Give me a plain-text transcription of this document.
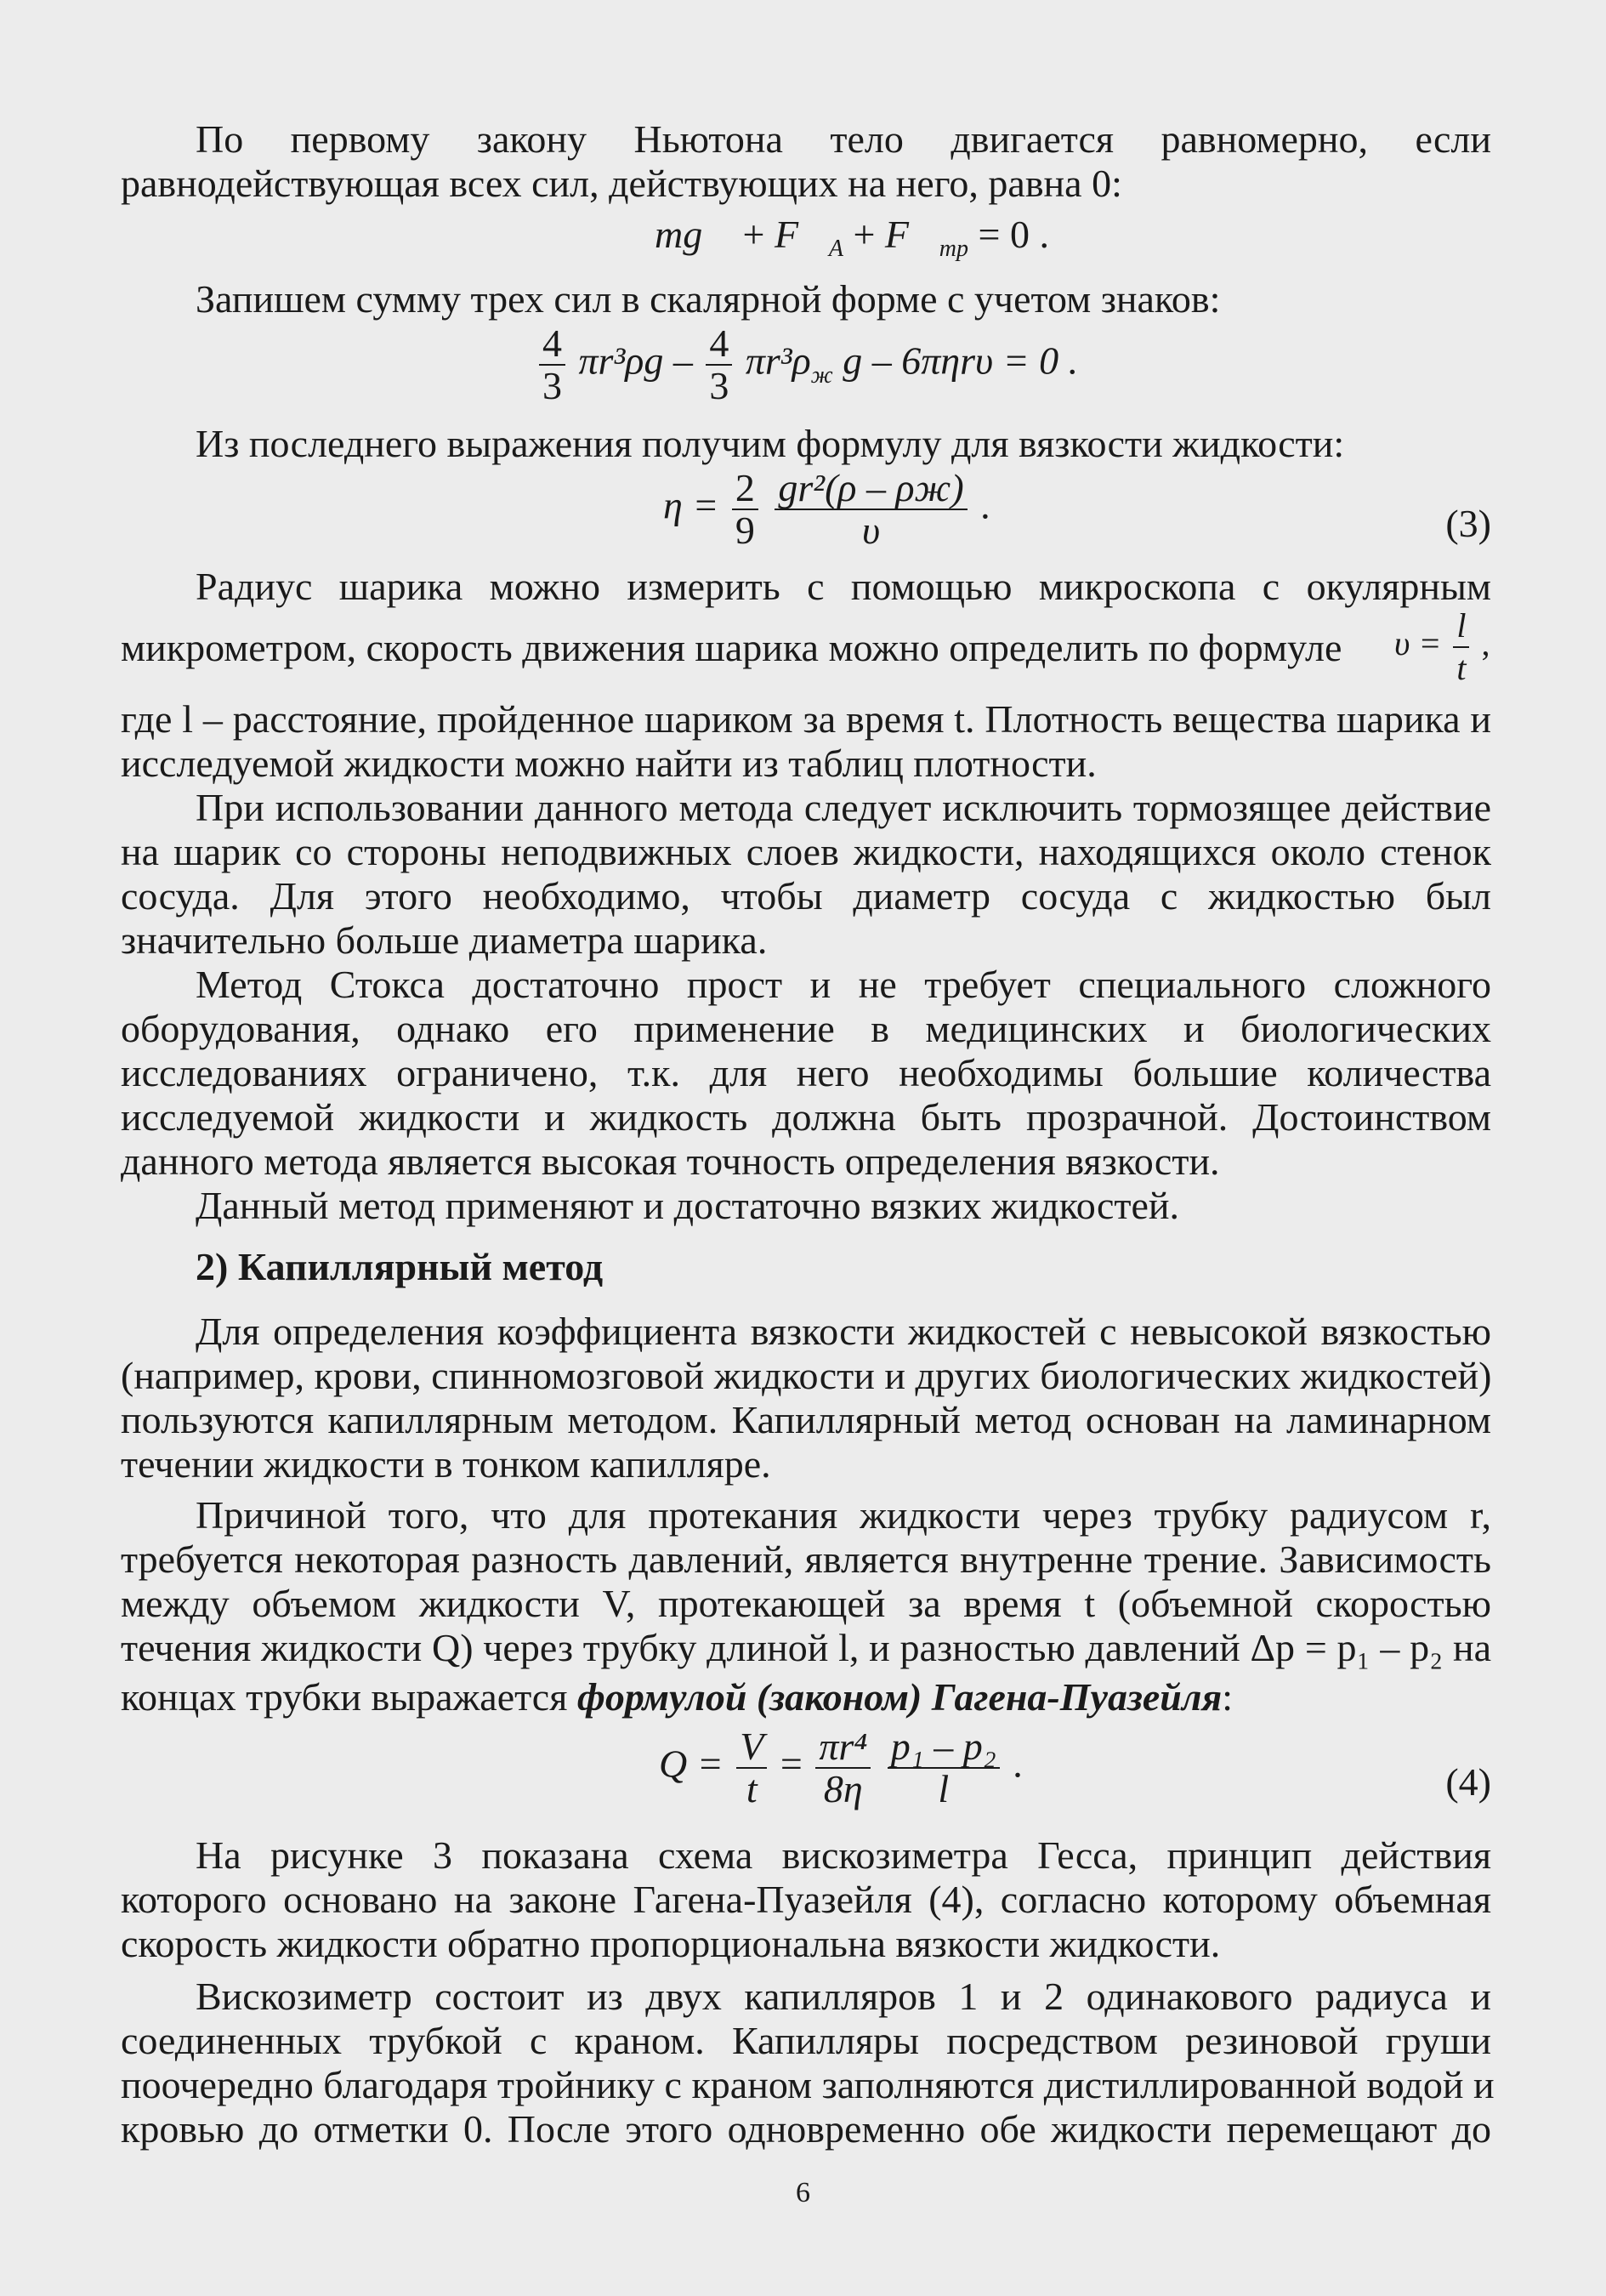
По первому закону Ньютона тело двигается равномерно, если

равнодействующая всех сил, действующих на него, равна 0:

mg⃗ + $F⃗_A$ + $F⃗_{тр} = 0$ .

Запишем сумму трех сил в скалярной форме с учетом знаков:

$\frac{4}{3} \pi r^3\rho g - \frac{4}{3} \pi r^3\rho_ж$ g – 6πηrυ = 0 .

Из последнего выражения получим формулу для вязкости жидкости:

$\eta = \frac{2}{9}$
$\frac{\text{gr²(ρ – ρж)}}{\upsilon}$ .	(3)

Радиус шарика можно измерить с помощью микроскопа с окулярным

микрометром, скорость движения шарика можно определить по формуле	$\upsilon = \frac{l}{t}$ ,

где l – расстояние, пройденное шариком за время t. Плотность вещества шарика и

исследуемой жидкости можно найти из таблиц плотности.

При использовании данного метода следует исключить тормозящее действие

на шарик со стороны неподвижных слоев жидкости, находящихся около стенок

сосуда. Для этого необходимо, чтобы диаметр сосуда с жидкостью был

значительно больше диаметра шарика.

Метод Стокса достаточно прост и не требует специального сложного

оборудования, однако его применение в медицинских и биологических

исследованиях ограничено, т.к. для него необходимы большие количества

исследуемой жидкости и жидкость должна быть прозрачной. Достоинством

данного метода является высокая точность определения вязкости.

Данный метод применяют и достаточно вязких жидкостей.

2) Капиллярный метод

Для определения коэффициента вязкости жидкостей с невысокой вязкостью

(например, крови, спинномозговой жидкости и других биологических жидкостей)

пользуются капиллярным методом. Капиллярный метод основан на ламинарном

течении жидкости в тонком капилляре.

Причиной того, что для протекания жидкости через трубку радиусом r,

требуется некоторая разность давлений, является внутренне трение. Зависимость

между объемом жидкости V, протекающей за время t (объемной скоростью

течения жидкости Q) через трубку длиной l, и разностью давлений Δp = p₁ – p₂ на

концах трубки выражается формулой (законом) Гагена-Пуазейля:

$Q = \frac{V}{t} = \frac{\text{πr⁴}}{8\eta}$
$\frac{\text{p₁ – p₂}}{l}$ .	(4)

На рисунке 3 показана схема вискозиметра Гесса, принцип действия

которого основано на законе Гагена-Пуазейля (4), согласно которому объемная

скорость жидкости обратно пропорциональна вязкости жидкости.

Вискозиметр состоит из двух капилляров 1 и 2 одинакового радиуса и

соединенных трубкой с краном. Капилляры посредством резиновой груши

поочередно благодаря тройнику с краном заполняются дистиллированной водой и

кровью до отметки 0. После этого одновременно обе жидкости перемещают до

6
